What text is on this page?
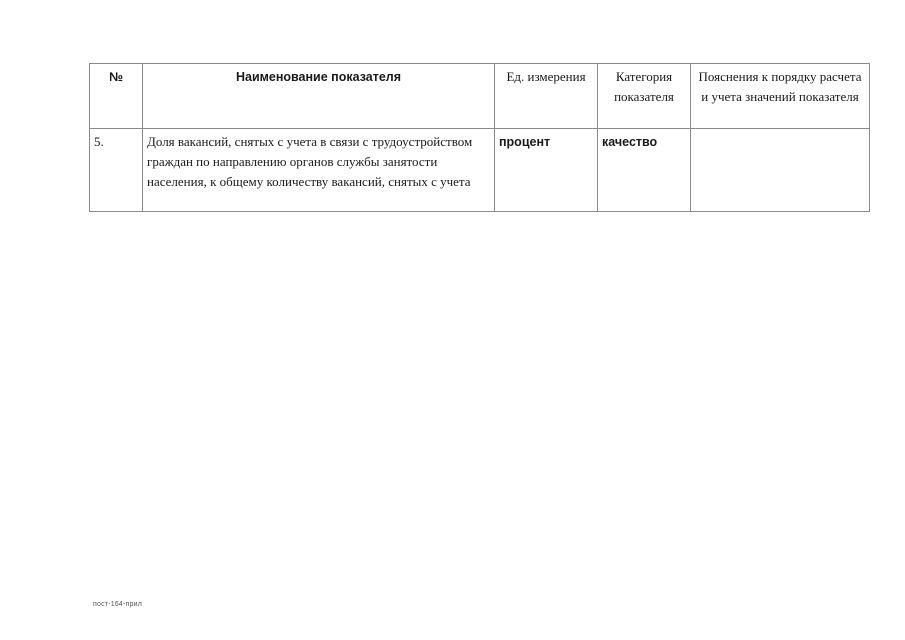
№	Наименование показателя	Ед. измерения	Категория показателя	Пояснения к порядку расчета и учета значений показателя
5.	Доля вакансий, снятых с учета в связи с трудоустройством граждан по направлению органов службы занятости населения, к общему количеству вакансий, снятых с учета	процент	качество	
пост-164-прил
